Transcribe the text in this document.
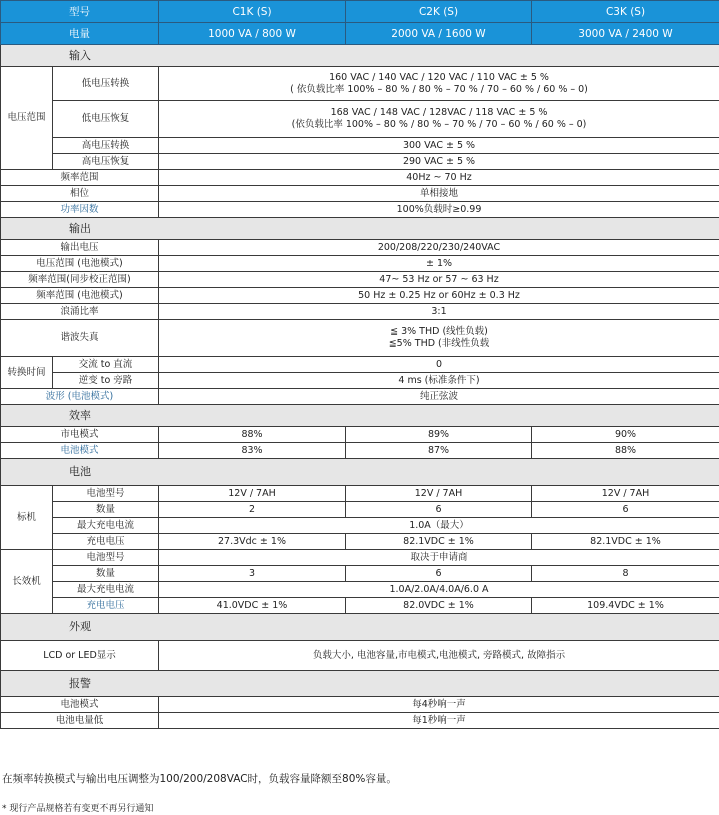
型号		C1K (S)	C2K (S)	C3K (S)
电量		1000 VA / 800 W	2000 VA / 1600 W	3000 VA / 2400 W
输入				
电压范围	低电压转换	160 VAC / 140 VAC / 120 VAC / 110 VAC ± 5 %
( 依负载比率 100% – 80 % / 80 % – 70 % / 70 – 60 % / 60 % – 0)		

	低电压恢复	168 VAC / 148 VAC / 128VAC / 118 VAC ± 5 %
(依负载比率 100% – 80 % / 80 % – 70 % / 70 – 60 % / 60 % – 0)		

	高电压转换	300 VAC ± 5 %		
	高电压恢复	290 VAC ± 5 %		
频率范围		40Hz ~ 70 Hz		
相位		单相接地		
功率因数		100%负载时≥0.99		
输出				
输出电压		200/208/220/230/240VAC		
电压范围 (电池模式)		± 1%		
频率范围(同步校正范围)		47~ 53 Hz or 57 ~ 63 Hz		
频率范围 (电池模式)		50 Hz ± 0.25 Hz or 60Hz ± 0.3 Hz		
浪涌比率		3:1		
谐波失真		≦ 3% THD (线性负载)
≦5% THD (非线性负载		

转换时间	交流 to 直流	0		
	逆变 to 旁路	4 ms (标准条件下)		
波形 (电池模式)		纯正弦波		
效率				
市电模式		88%	89%	90%
电池模式		83%	87%	88%
电池				
标机	电池型号	12V / 7AH	12V / 7AH	12V / 7AH
	数量	2	6	6
	最大充电电流	1.0A（最大）		
	充电电压	27.3Vdc ± 1%	82.1VDC ± 1%	82.1VDC ± 1%
长效机	电池型号	取决于申请商		
	数量	3	6	8
	最大充电电流	1.0A/2.0A/4.0A/6.0 A		
	充电电压	41.0VDC ± 1%	82.0VDC ± 1%	109.4VDC ± 1%
外观				
LCD or LED显示		负载大小, 电池容量,市电模式,电池模式, 旁路模式, 故障指示		
报警				
电池模式		每4秒响一声		
电池电量低		每1秒响一声		
在频率转换模式与输出电压调整为100/200/208VAC时，负载容量降额至80%容量。
* 现行产品规格若有变更不再另行通知
